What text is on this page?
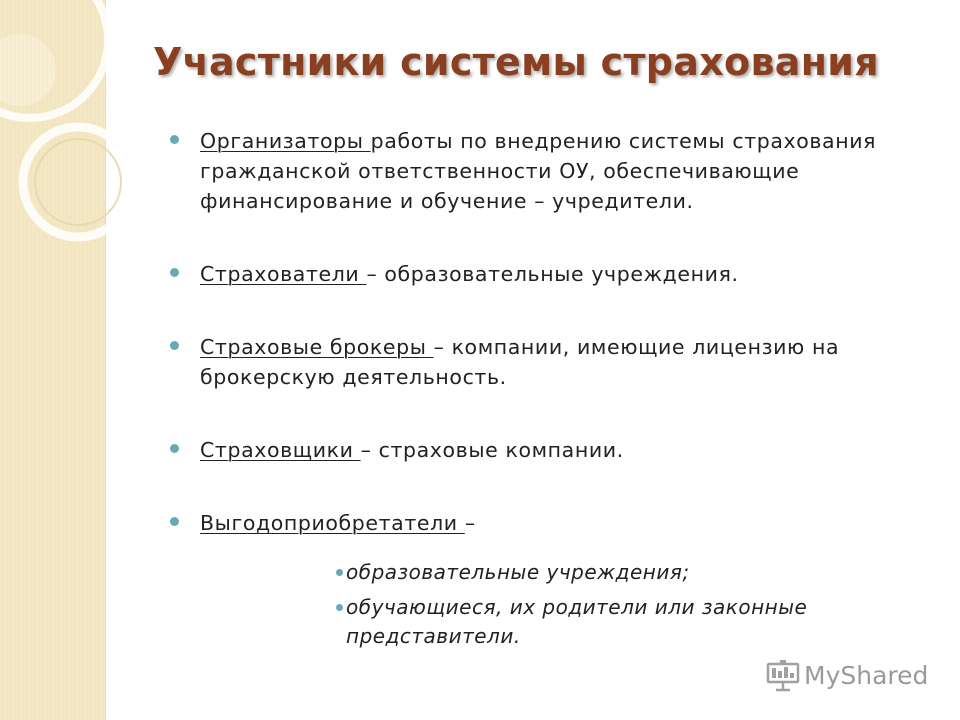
Участники системы страхования
Организаторы работы по внедрению системы страхования гражданской ответственности ОУ, обеспечивающие финансирование и обучение – учредители.
Страхователи – образовательные учреждения.
Страховые брокеры – компании, имеющие лицензию на брокерскую деятельность.
Страховщики – страховые компании.
Выгодоприобретатели –
образовательные учреждения;
обучающиеся, их родители или законные представители.
MyShared
